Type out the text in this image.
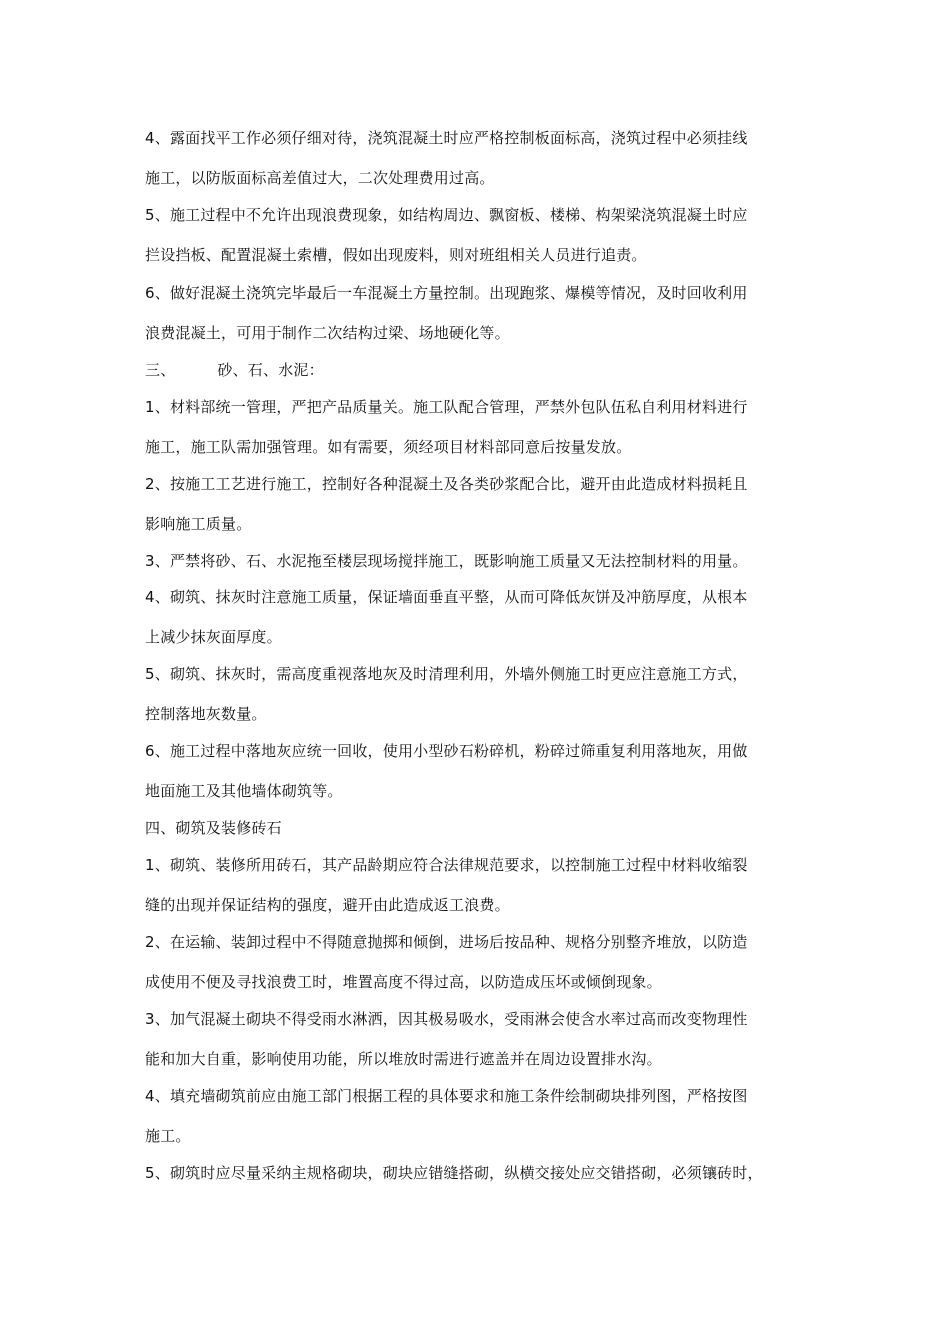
4、露面找平工作必须仔细对待，浇筑混凝土时应严格控制板面标高，浇筑过程中必须挂线
施工，以防版面标高差值过大，二次处理费用过高。
5、施工过程中不允许出现浪费现象，如结构周边、飘窗板、楼梯、构架梁浇筑混凝土时应
拦设挡板、配置混凝土索槽，假如出现废料，则对班组相关人员进行追责。
6、做好混凝土浇筑完毕最后一车混凝土方量控制。出现跑浆、爆模等情况，及时回收利用
浪费混凝土，可用于制作二次结构过梁、场地硬化等。
三、	砂、石、水泥：
1、材料部统一管理，严把产品质量关。施工队配合管理，严禁外包队伍私自利用材料进行
施工，施工队需加强管理。如有需要，须经项目材料部同意后按量发放。
2、按施工工艺进行施工，控制好各种混凝土及各类砂浆配合比，避开由此造成材料损耗且
影响施工质量。
3、严禁将砂、石、水泥拖至楼层现场搅拌施工，既影响施工质量又无法控制材料的用量。
4、砌筑、抹灰时注意施工质量，保证墙面垂直平整，从而可降低灰饼及冲筋厚度，从根本
上减少抹灰面厚度。
5、砌筑、抹灰时，需高度重视落地灰及时清理利用，外墙外侧施工时更应注意施工方式，
控制落地灰数量。
6、施工过程中落地灰应统一回收，使用小型砂石粉碎机，粉碎过筛重复利用落地灰，用做
地面施工及其他墙体砌筑等。
四、砌筑及装修砖石
1、砌筑、装修所用砖石，其产品龄期应符合法律规范要求，以控制施工过程中材料收缩裂
缝的出现并保证结构的强度，避开由此造成返工浪费。
2、在运输、装卸过程中不得随意抛掷和倾倒，进场后按品种、规格分别整齐堆放，以防造
成使用不便及寻找浪费工时，堆置高度不得过高，以防造成压坏或倾倒现象。
3、加气混凝土砌块不得受雨水淋洒，因其极易吸水，受雨淋会使含水率过高而改变物理性
能和加大自重，影响使用功能，所以堆放时需进行遮盖并在周边设置排水沟。
4、填充墙砌筑前应由施工部门根据工程的具体要求和施工条件绘制砌块排列图，严格按图
施工。
5、砌筑时应尽量采纳主规格砌块，砌块应错缝搭砌，纵横交接处应交错搭砌，必须镶砖时，
